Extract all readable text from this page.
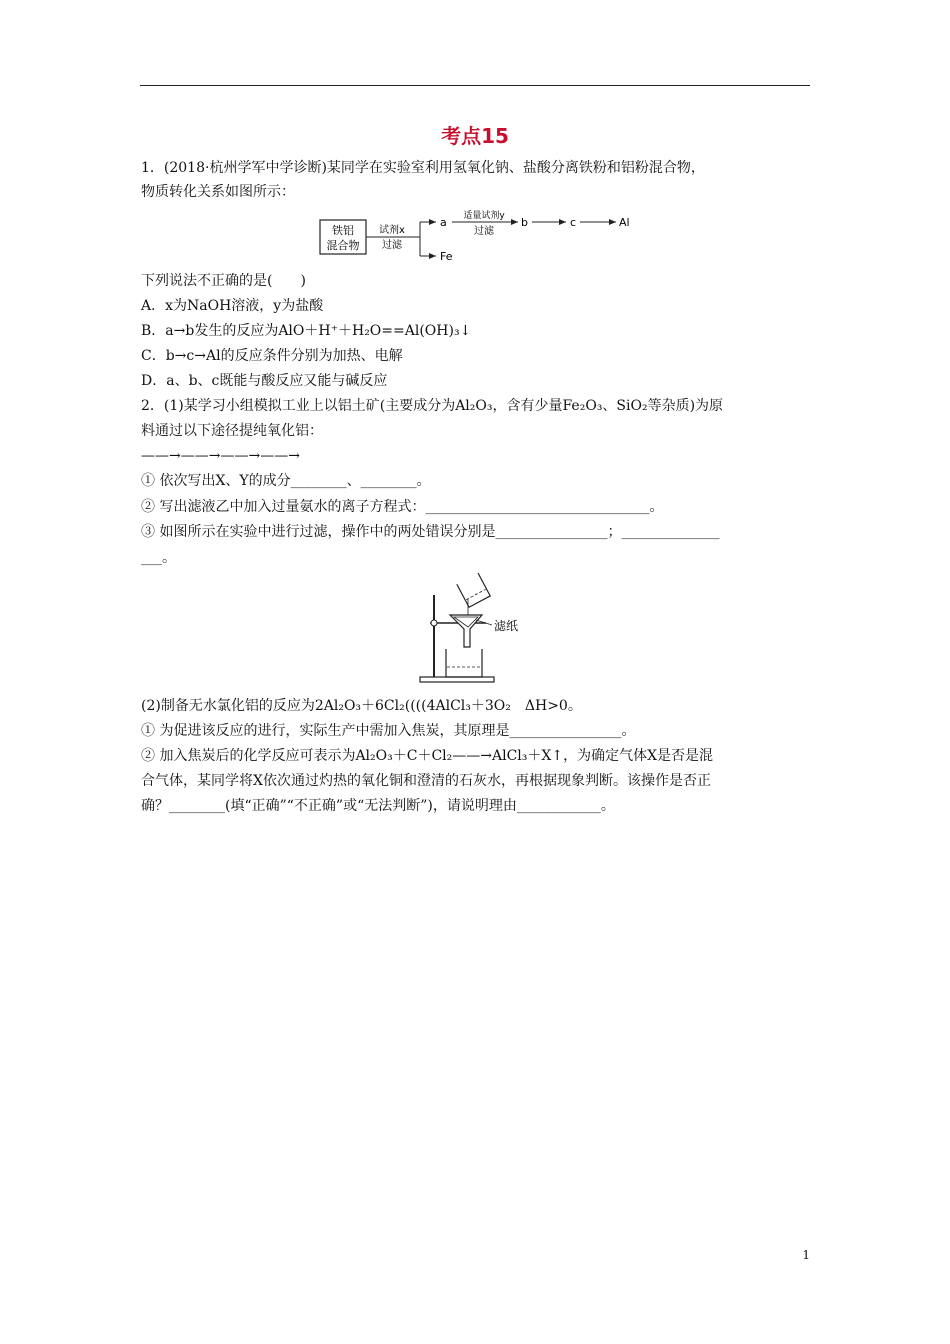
考点15
1．(2018·杭州学军中学诊断)某同学在实验室利用氢氧化钠、盐酸分离铁粉和铝粉混合物，
物质转化关系如图所示：
铁铝
混合物
试剂x
过滤
a
Fe
适量试剂y
过滤
b	c	Al
下列说法不正确的是(　　)
A．x为NaOH溶液，y为盐酸
B．a→b发生的反应为AlO＋H⁺＋H₂O==Al(OH)₃↓
C．b→c→Al的反应条件分别为加热、电解
D．a、b、c既能与酸反应又能与碱反应
2．(1)某学习小组模拟工业上以铝土矿(主要成分为Al₂O₃，含有少量Fe₂O₃、SiO₂等杂质)为原
料通过以下途径提纯氧化铝：
——→——→——→——→
① 依次写出X、Y的成分________、________。
② 写出滤液乙中加入过量氨水的离子方程式：________________________________。
③ 如图所示在实验中进行过滤，操作中的两处错误分别是________________；______________
___。
滤纸
(2)制备无水氯化铝的反应为2Al₂O₃＋6Cl₂((((4AlCl₃＋3O₂　ΔH>0。
① 为促进该反应的进行，实际生产中需加入焦炭，其原理是________________。
② 加入焦炭后的化学反应可表示为Al₂O₃＋C＋Cl₂——→AlCl₃＋X↑，为确定气体X是否是混
合气体，某同学将X依次通过灼热的氧化铜和澄清的石灰水，再根据现象判断。该操作是否正
确？________(填“正确”“不正确”或“无法判断”)，请说明理由____________。
1
